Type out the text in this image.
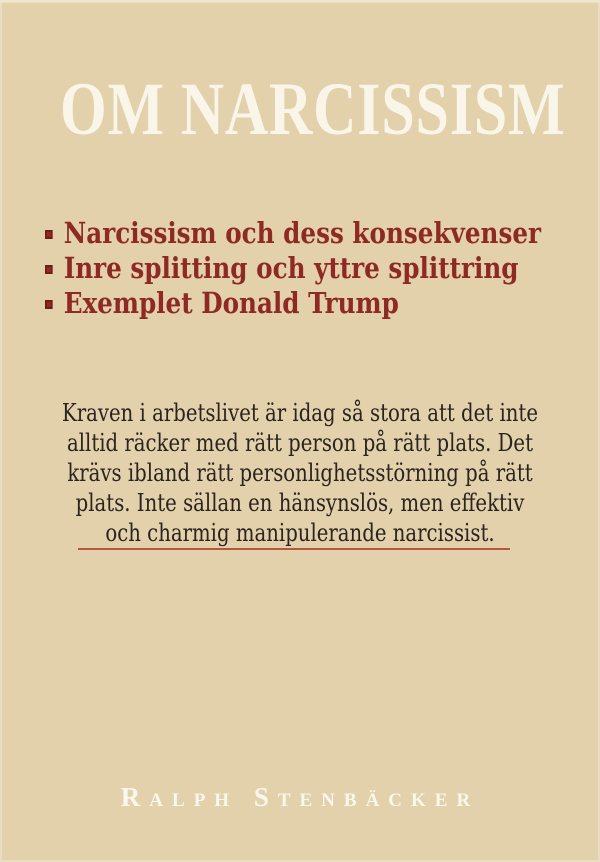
OM NARCISSISM
Narcissism och dess konsekvenser
Inre splitting och yttre splittring
Exemplet Donald Trump
Kraven i arbetslivet är idag så stora att det inte
alltid räcker med rätt person på rätt plats. Det
krävs ibland rätt personlighetsstörning på rätt
plats. Inte sällan en hänsynslös, men effektiv
och charmig manipulerande narcissist.
Ralph Stenbäcker
